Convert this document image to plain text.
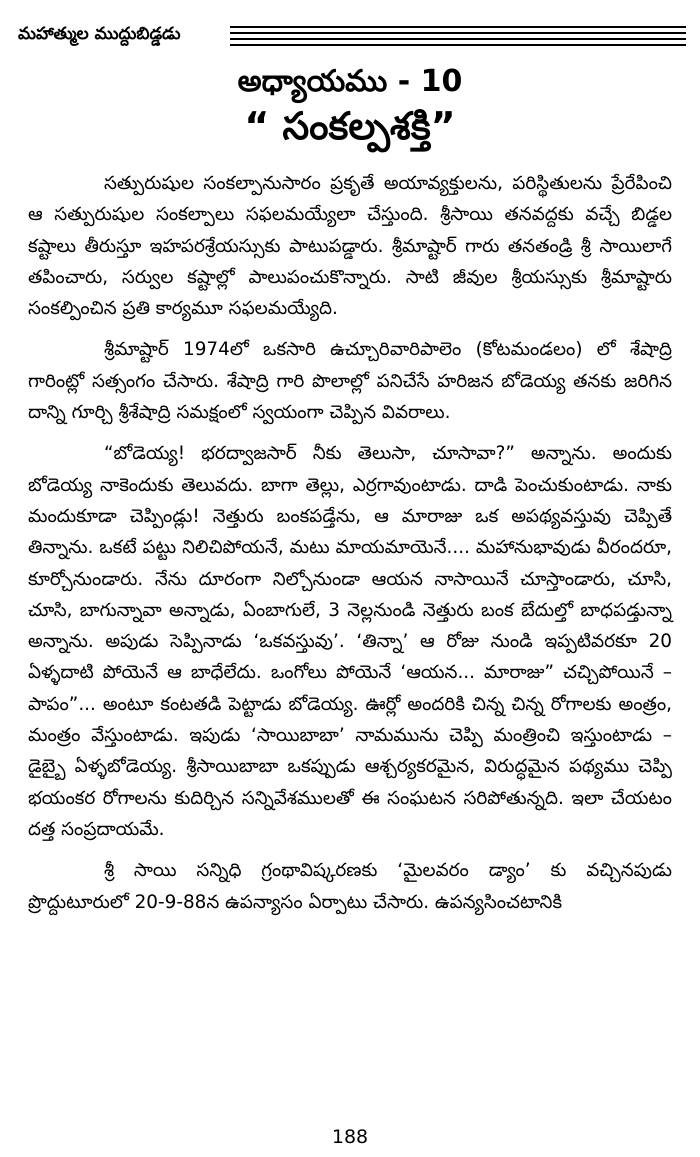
మహాత్ముల ముద్దుబిడ్డడు
అధ్యాయము - 10
“ సంకల్పశక్తి”

సత్పురుషుల సంకల్పానుసారం ప్రకృతే అయావ్యక్తులను, పరిస్థితులను ప్రేరేపించి ఆ సత్పురుషుల సంకల్పాలు సఫలమయ్యేలా చేస్తుంది. శ్రీసాయి తనవద్దకు వచ్చే బిడ్డల కష్టాలు తీరుస్తూ ఇహపరశ్రేయస్సుకు పాటుపడ్డారు. శ్రీమాష్టార్ గారు తనతండ్రి శ్రీ సాయిలాగే తపించారు, సర్వుల కష్టాల్లో పాలుపంచుకొన్నారు. సాటి జీవుల శ్రీయస్సుకు శ్రీమాష్టారు సంకల్పించిన ప్రతి కార్యమూ సఫలమయ్యేది.

శ్రీమాష్టార్ 1974లో ఒకసారి ఉచ్చూరివారిపాలెం (కోటమండలం) లో శేషాద్రి గారింట్లో సత్సంగం చేసారు. శేషాద్రి గారి పొలాల్లో పనిచేసే హరిజన బోడెయ్య తనకు జరిగిన దాన్ని గూర్చి శ్రీశేషాద్రి సమక్షంలో స్వయంగా చెప్పిన వివరాలు.

“బోడెయ్య! భరద్వాజసార్ నీకు తెలుసా, చూసావా?” అన్నాను. అందుకు బోడెయ్య నాకెందుకు తెలువదు. బాగా తెల్లు, ఎర్రగావుంటాడు. దాడి పెంచుకుంటాడు. నాకు మందుకూడా చెప్పిండ్లు! నెత్తురు బంకపడ్తేను, ఆ మారాజు ఒక అపథ్యవస్తువు చెప్పితే తిన్నాను. ఒకటే పట్టు నిలిచిపోయనే, మటు మాయమాయెనే.... మహానుభావుడు వీరందరూ, కూర్చోనుండారు. నేను దూరంగా నిల్చోనుండా ఆయన నాసాయినే చూస్తాండారు, చూసి, చూసి, బాగున్నావా అన్నాడు, ఏంబాగులే, 3 నెల్లనుండి నెత్తురు బంక బేదుల్తో బాధపడ్తున్నా అన్నాను. అపుడు సెప్పినాడు ‘ఒకవస్తువు’. ‘తిన్నా’ ఆ రోజు నుండి ఇప్పటివరకూ 20 ఏళ్ళదాటి పోయెనే ఆ బాధేలేదు. ఒంగోలు పోయెనే ‘ఆయన... మారాజు” చచ్చిపోయినే – పాపం”... అంటూ కంటతడి పెట్టాడు బోడెయ్య. ఊర్లో అందరికి చిన్న చిన్న రోగాలకు అంత్రం, మంత్రం వేస్తుంటాడు. ఇపుడు ‘సాయిబాబా’ నామమును చెప్పి మంత్రించి ఇస్తుంటాడు – డైబ్బై ఏళ్ళబోడెయ్య. శ్రీసాయిబాబా ఒకప్పుడు ఆశ్చర్యకరమైన, విరుద్ధమైన పథ్యము చెప్పి భయంకర రోగాలను కుదిర్చిన సన్నివేశములతో ఈ సంఘటన సరిపోతున్నది. ఇలా చేయటం దత్త సంప్రదాయమే.

శ్రీ సాయి సన్నిధి గ్రంథావిష్కరణకు ‘మైలవరం డ్యాం’ కు వచ్చినపుడు ప్రొద్దుటూరులో 20-9-88న ఉపన్యాసం ఏర్పాటు చేసారు. ఉపన్యసించటానికి

188
